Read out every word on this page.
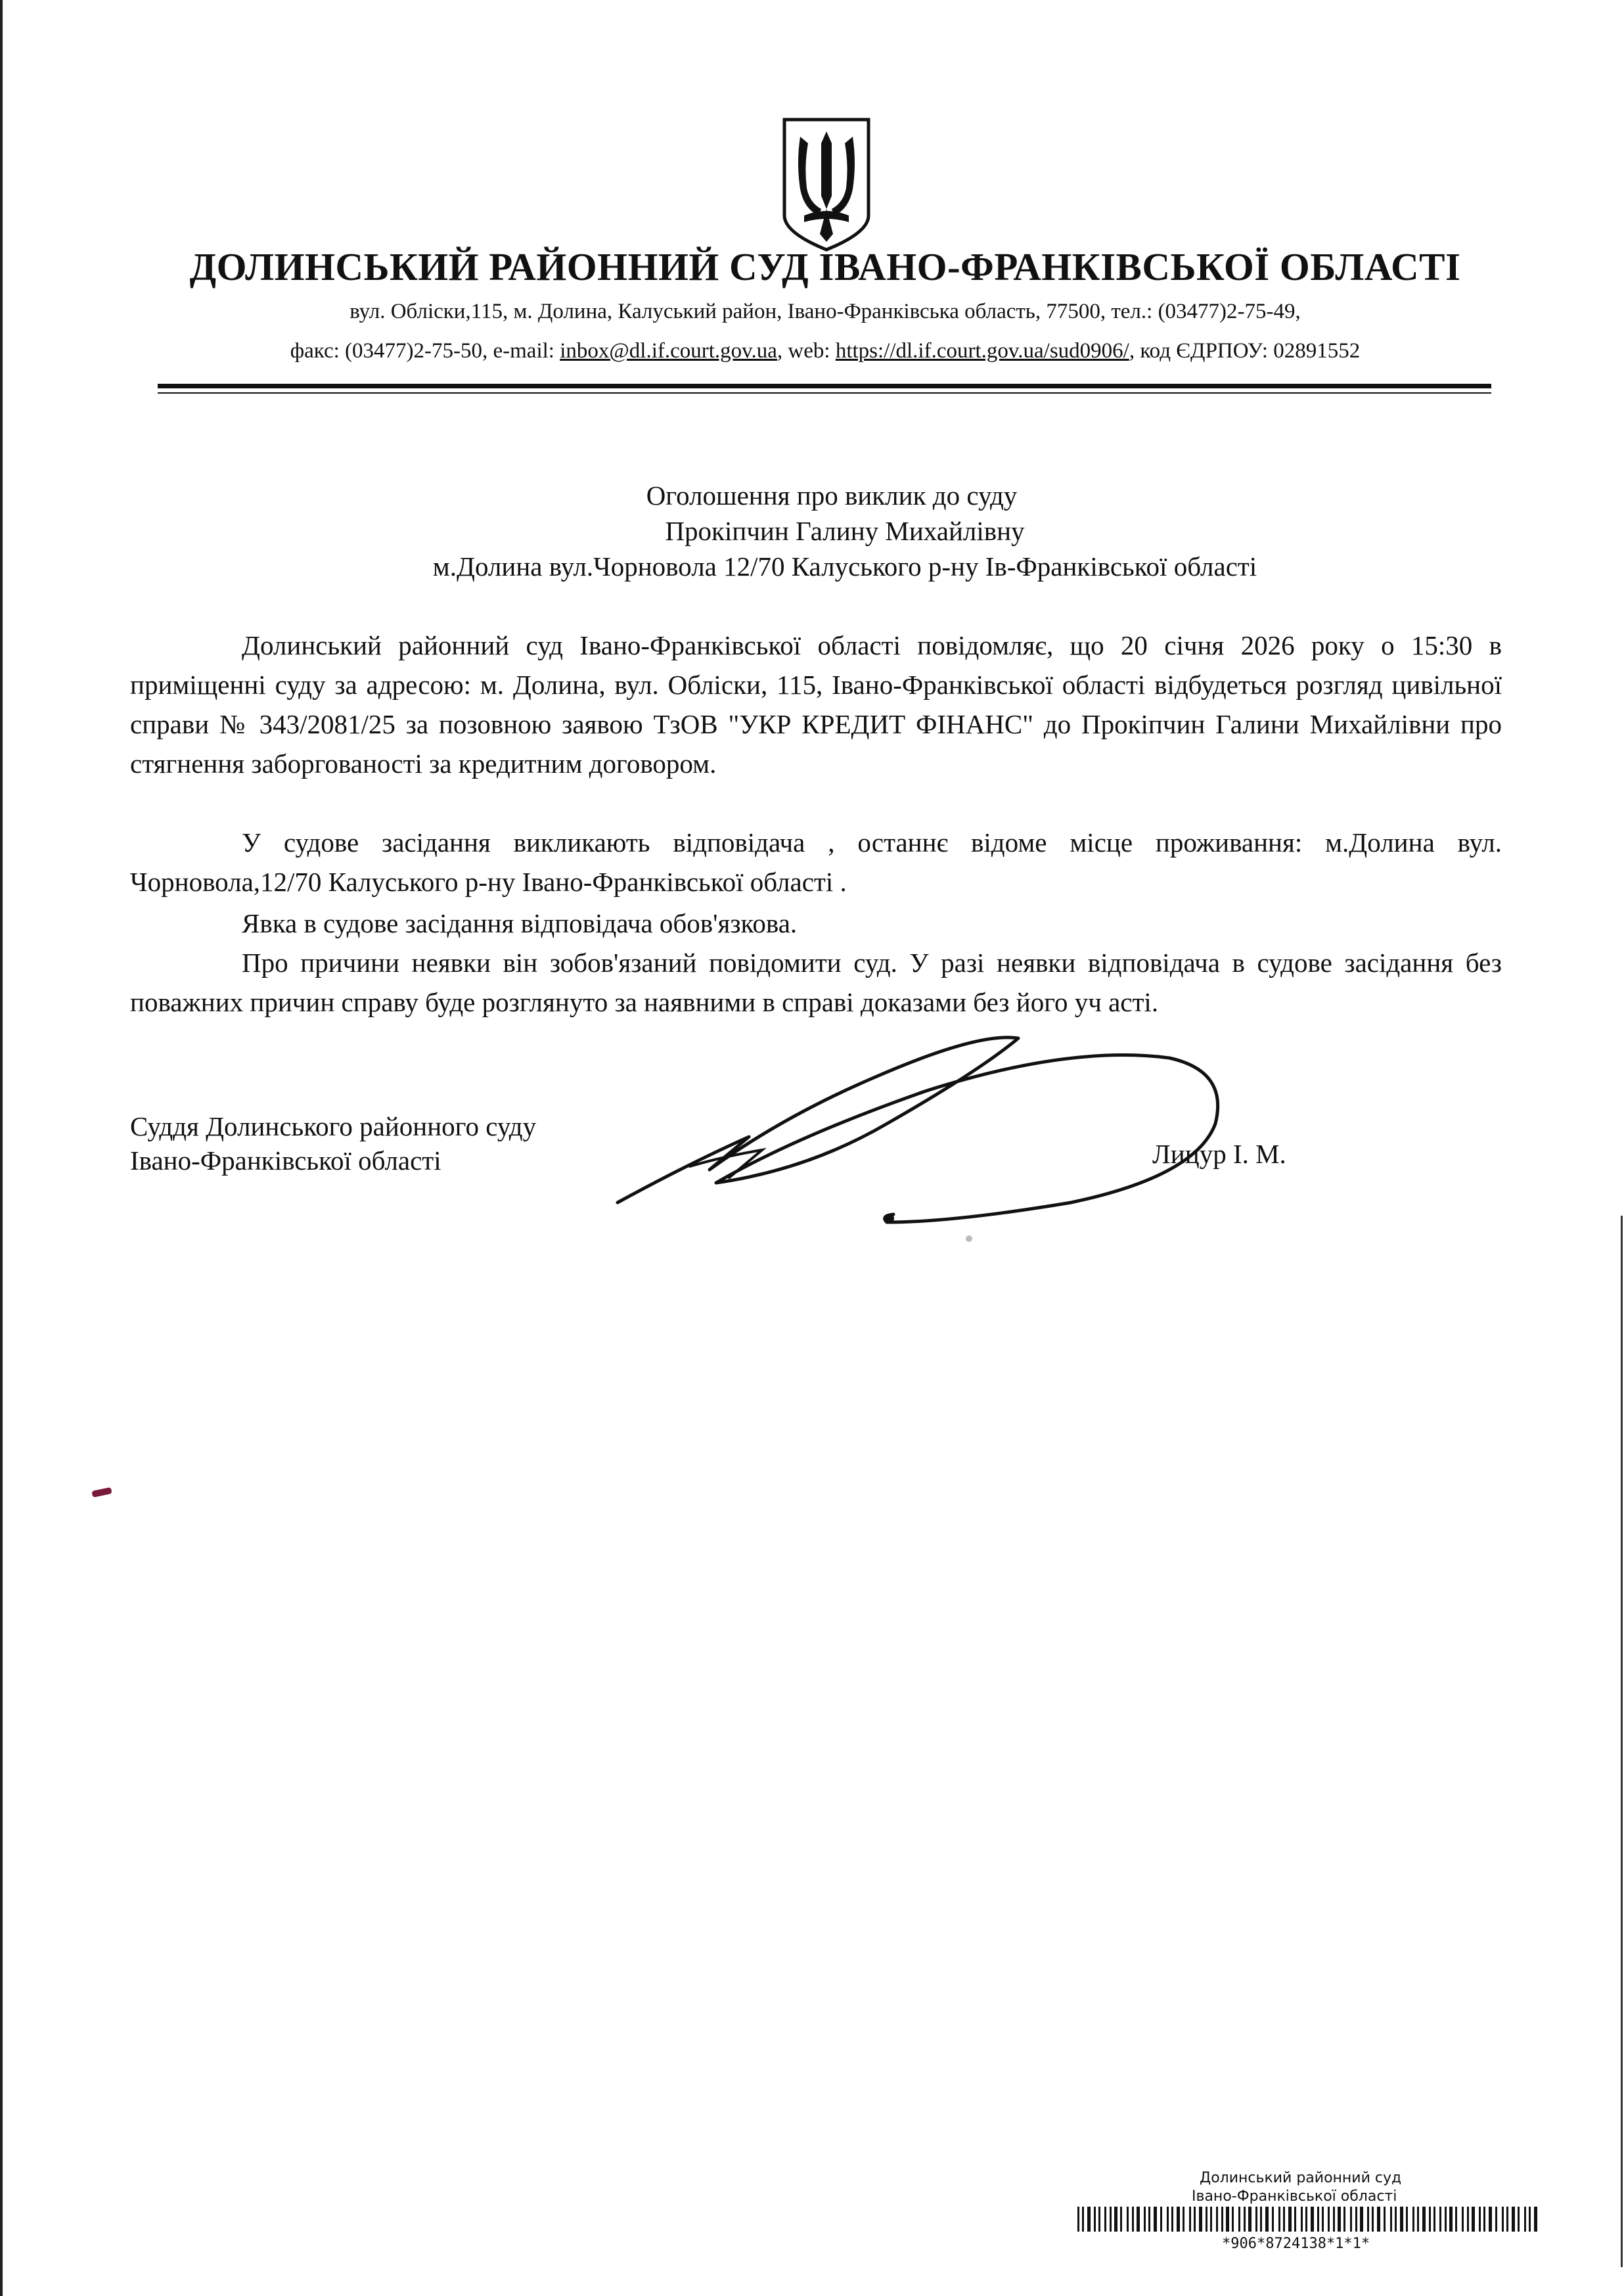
ДОЛИНСЬКИЙ РАЙОННИЙ СУД ІВАНО-ФРАНКІВСЬКОЇ ОБЛАСТІ
вул. Обліски,115, м. Долина, Калуський район, Івано-Франківська область, 77500, тел.: (03477)2-75-49,
факс: (03477)2-75-50, e-mail: inbox@dl.if.court.gov.ua, web: https://dl.if.court.gov.ua/sud0906/, код ЄДРПОУ: 02891552
Оголошення про виклик до суду
Прокіпчин Галину Михайлівну
м.Долина вул.Чорновола 12/70 Калуського р-ну Ів-Франківської області
Долинський районний суд Івано-Франківської області повідомляє, що 20 січня 2026 року о 15:30 в приміщенні суду за адресою: м. Долина, вул. Обліски, 115, Івано-Франківської області відбудеться розгляд цивільної справи № 343/2081/25 за позовною заявою ТзОВ "УКР КРЕДИТ ФІНАНС" до Прокіпчин Галини Михайлівни про стягнення заборгованості за кредитним договором.
У судове засідання викликають відповідача , останнє відоме місце проживання: м.Долина вул. Чорновола,12/70 Калуського р-ну Івано-Франківської області .
Явка в судове засідання відповідача обов'язкова.
Про причини неявки він зобов'язаний повідомити суд. У разі неявки відповідача в судове засідання без поважних причин справу буде розглянуто за наявними в справі доказами без його уч асті.
Суддя Долинського районного суду
Івано-Франківської області	Лицур І. М.
Долинський районний суд
Івано-Франківської області
*906*8724138*1*1*
